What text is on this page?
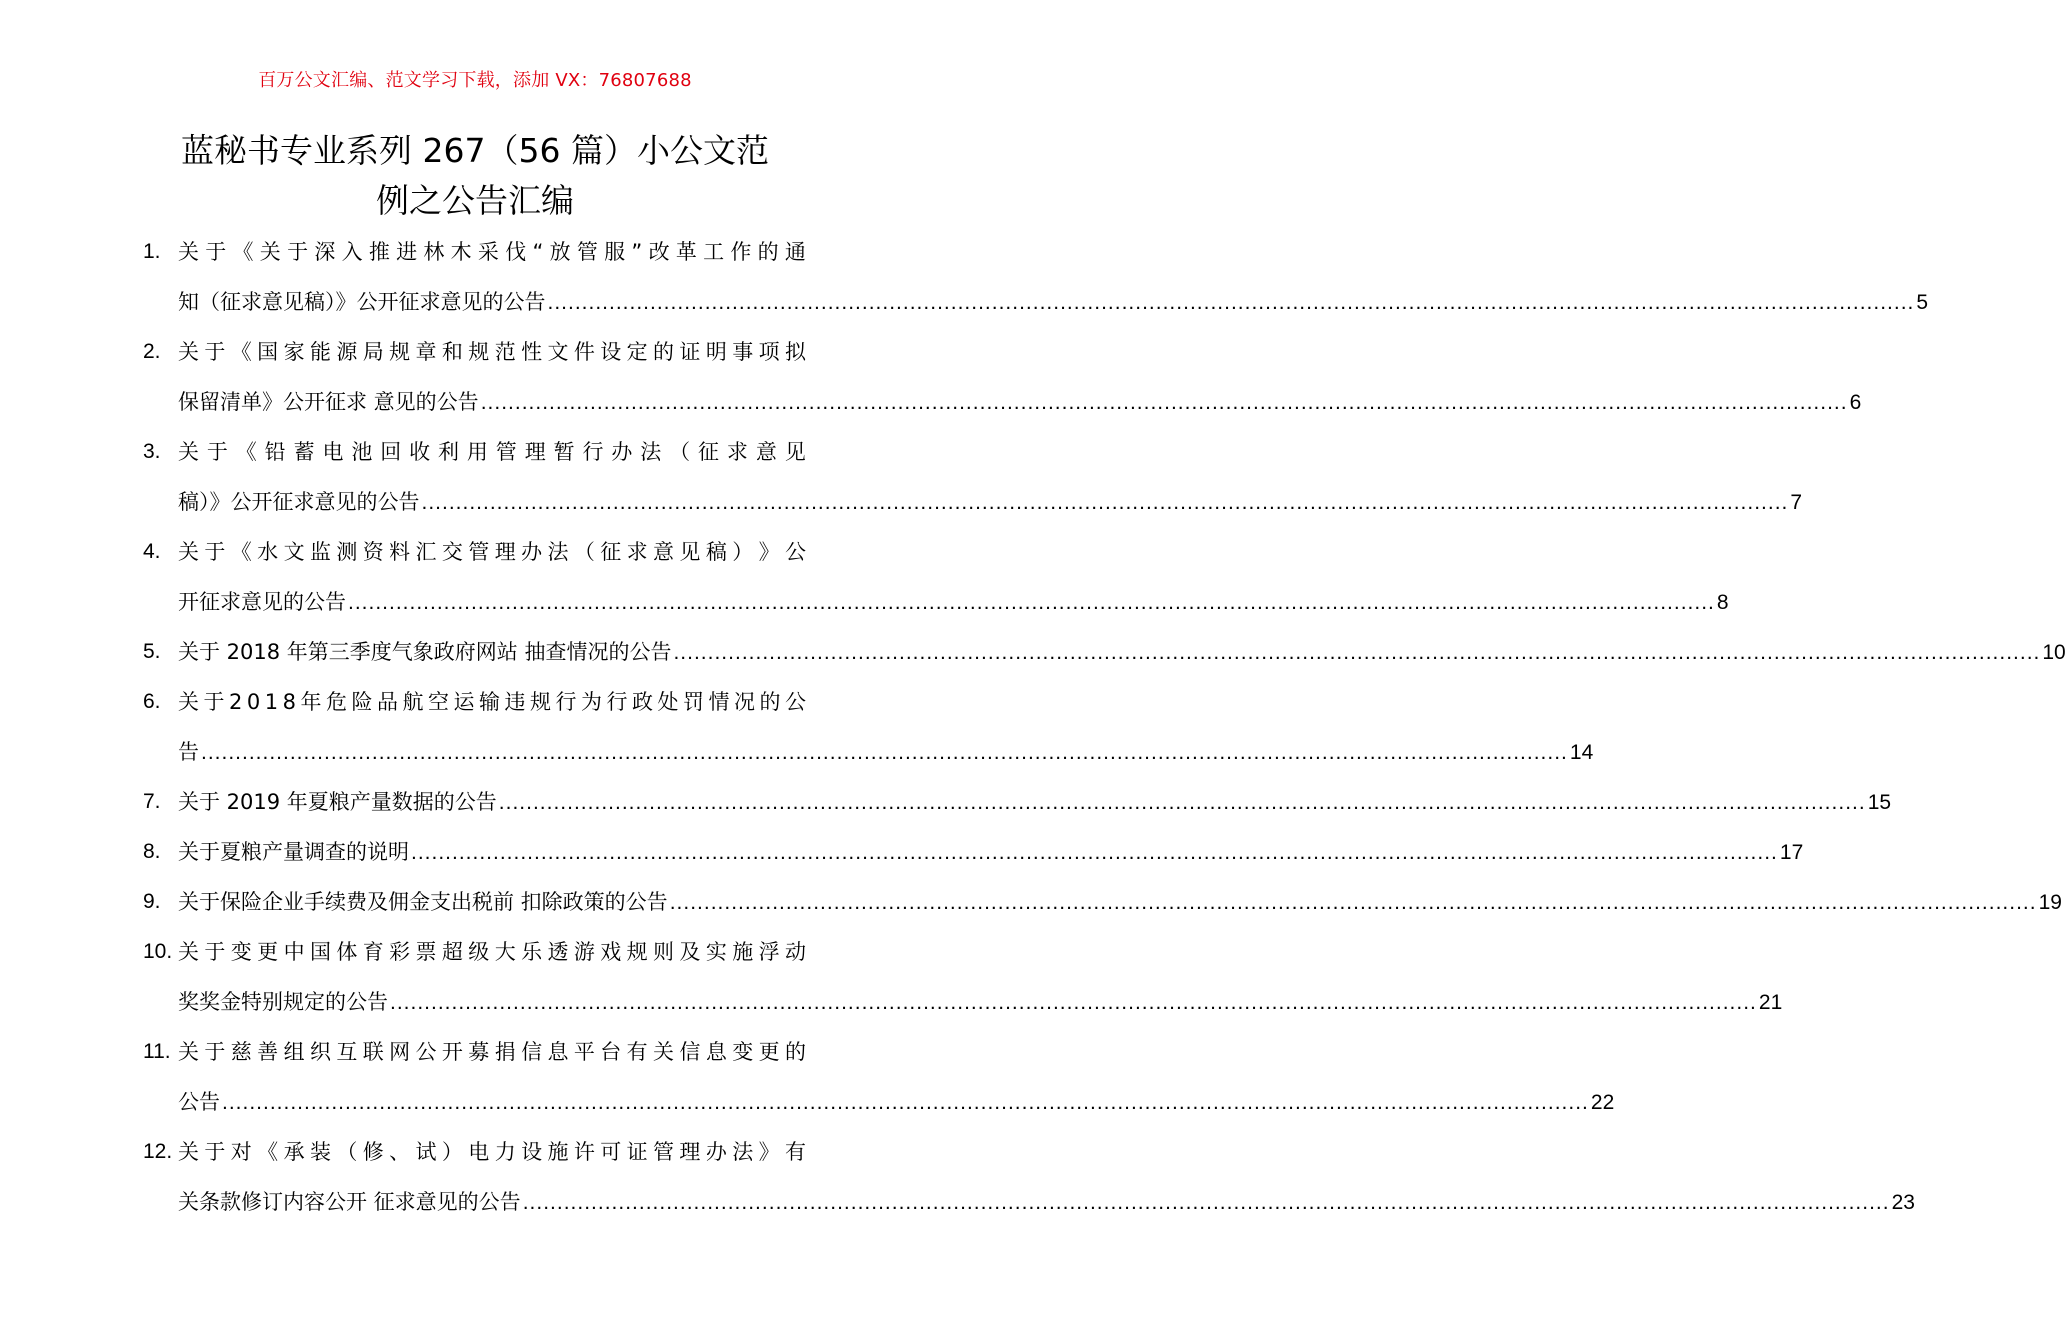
百万公文汇编、范文学习下载，添加 VX：76807688
蓝秘书专业系列 267（56 篇）小公文范
例之公告汇编
1. 关 于 《 关 于 深 入 推 进 林 木 采 伐 “ 放 管 服 ” 改 革 工 作 的 通
知（征求意见稿）》公开征求意见的公告 ........................................................................................................................................................................................................ 5
2. 关 于 《 国 家 能 源 局 规 章 和 规 范 性 文 件 设 定 的 证 明 事 项 拟
保留清单》公开征求 意见的公告 ........................................................................................................................................................................................................ 6
3. 关 于 《 铅 蓄 电 池 回 收 利 用 管 理 暂 行 办 法 （ 征 求 意 见
稿）》公开征求意见的公告 ........................................................................................................................................................................................................ 7
4. 关 于 《 水 文 监 测 资 料 汇 交 管 理 办 法 （ 征 求 意 见 稿 ） 》 公
开征求意见的公告 ........................................................................................................................................................................................................ 8
5. 关于 2018 年第三季度气象政府网站 抽查情况的公告 ........................................................................................................................................................................................................ 10
6. 关 于 2 0 1 8 年 危 险 品 航 空 运 输 违 规 行 为 行 政 处 罚 情 况 的 公
告 ........................................................................................................................................................................................................ 14
7. 关于 2019 年夏粮产量数据的公告 ........................................................................................................................................................................................................ 15
8. 关于夏粮产量调查的说明 ........................................................................................................................................................................................................ 17
9. 关于保险企业手续费及佣金支出税前 扣除政策的公告 ........................................................................................................................................................................................................ 19
10. 关 于 变 更 中 国 体 育 彩 票 超 级 大 乐 透 游 戏 规 则 及 实 施 浮 动
奖奖金特别规定的公告 ........................................................................................................................................................................................................ 21
11. 关 于 慈 善 组 织 互 联 网 公 开 募 捐 信 息 平 台 有 关 信 息 变 更 的
公告 ........................................................................................................................................................................................................ 22
12. 关 于 对 《 承 装 （ 修 、 试 ） 电 力 设 施 许 可 证 管 理 办 法 》 有
关条款修订内容公开 征求意见的公告 ........................................................................................................................................................................................................ 23
